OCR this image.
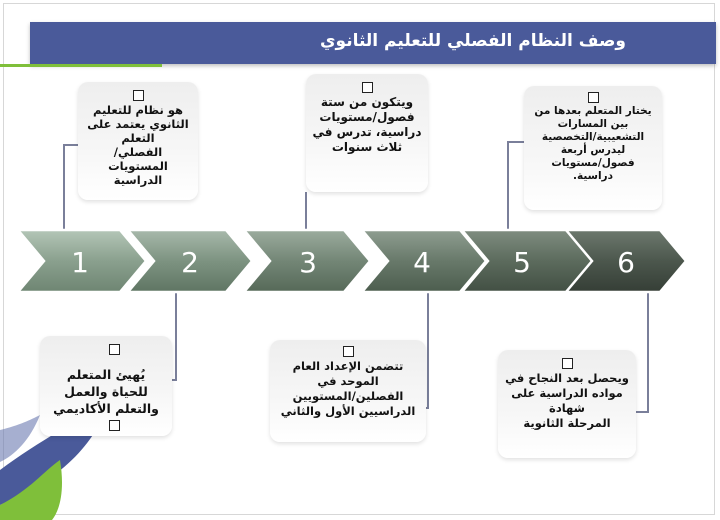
وصف النظام الفصلي للتعليم الثانوي
1	2	3	4	5	6

هو نظام للتعليم
الثانوي يعتمد على
التعلم
الفصلي/المستويات
الدراسية

ويتكون من ستة
فصول/مستويات
دراسية، تدرس في
ثلاث سنوات

يختار المتعلم بعدها من
بين المسارات
التشعيبية/التخصصية
ليدرس أربعة
فصول/مستويات
دراسية.

يُهيئ المتعلم
للحياة والعمل
والتعلم الأكاديمي

تتضمن الإعداد العام
الموحد في
الفصلين/المستويين
الدراسيين الأول والثاني

ويحصل بعد النجاح في
مواده الدراسية على
شهادة
المرحلة الثانوية
